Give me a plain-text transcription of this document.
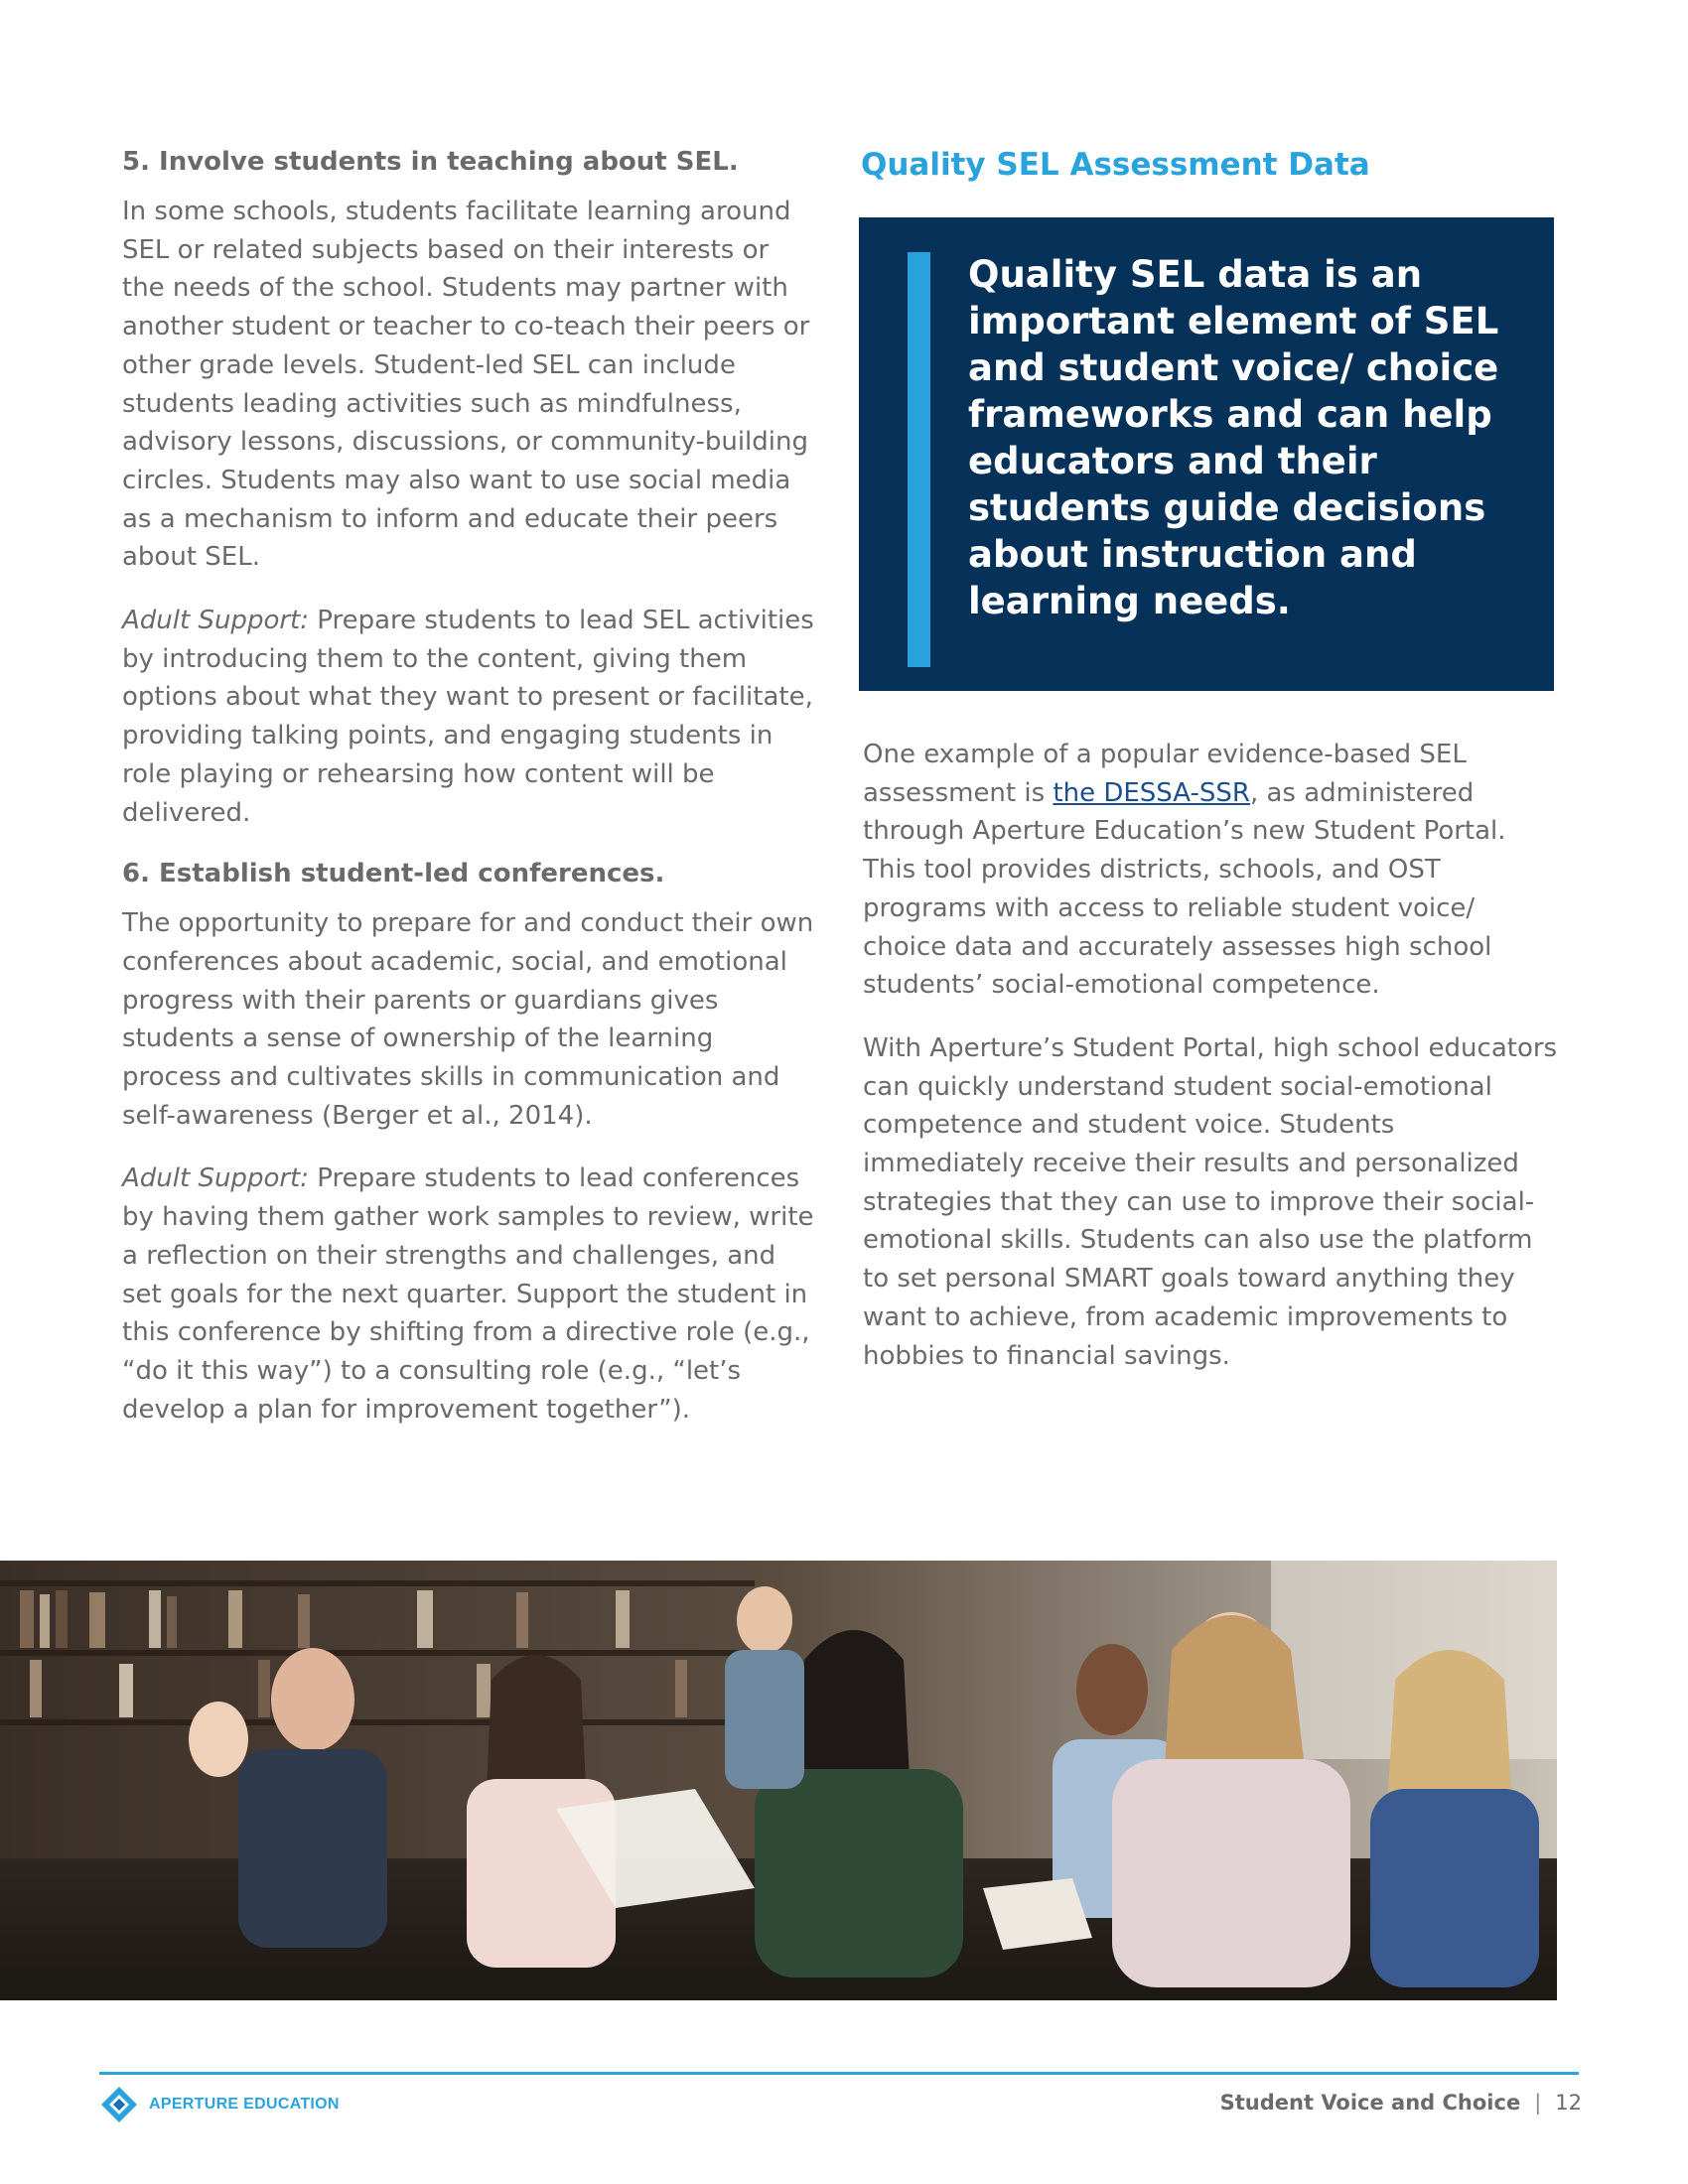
5. Involve students in teaching about SEL.

In some schools, students facilitate learning around SEL or related subjects based on their interests or the needs of the school. Students may partner with another student or teacher to co-teach their peers or other grade levels. Student-led SEL can include students leading activities such as mindfulness, advisory lessons, discussions, or community-building circles. Students may also want to use social media as a mechanism to inform and educate their peers about SEL.

Adult Support: Prepare students to lead SEL activities by introducing them to the content, giving them options about what they want to present or facilitate, providing talking points, and engaging students in role playing or rehearsing how content will be delivered.

6. Establish student-led conferences.

The opportunity to prepare for and conduct their own conferences about academic, social, and emotional progress with their parents or guardians gives students a sense of ownership of the learning process and cultivates skills in communication and self-awareness (Berger et al., 2014).

Adult Support: Prepare students to lead conferences by having them gather work samples to review, write a reflection on their strengths and challenges, and set goals for the next quarter. Support the student in this conference by shifting from a directive role (e.g., “do it this way”) to a consulting role (e.g., “let’s develop a plan for improvement together”).

Quality SEL Assessment Data
Quality SEL data is an important element of SEL and student voice/ choice frameworks and can help educators and their students guide decisions about instruction and learning needs.

One example of a popular evidence-based SEL assessment is the DESSA-SSR, as administered through Aperture Education’s new Student Portal. This tool provides districts, schools, and OST programs with access to reliable student voice/ choice data and accurately assesses high school students’ social-emotional competence.

With Aperture’s Student Portal, high school educators can quickly understand student social-emotional competence and student voice. Students immediately receive their results and personalized strategies that they can use to improve their social-emotional skills. Students can also use the platform to set personal SMART goals toward anything they want to achieve, from academic improvements to hobbies to financial savings.

APERTURE EDUCATION	Student Voice and Choice | 12
